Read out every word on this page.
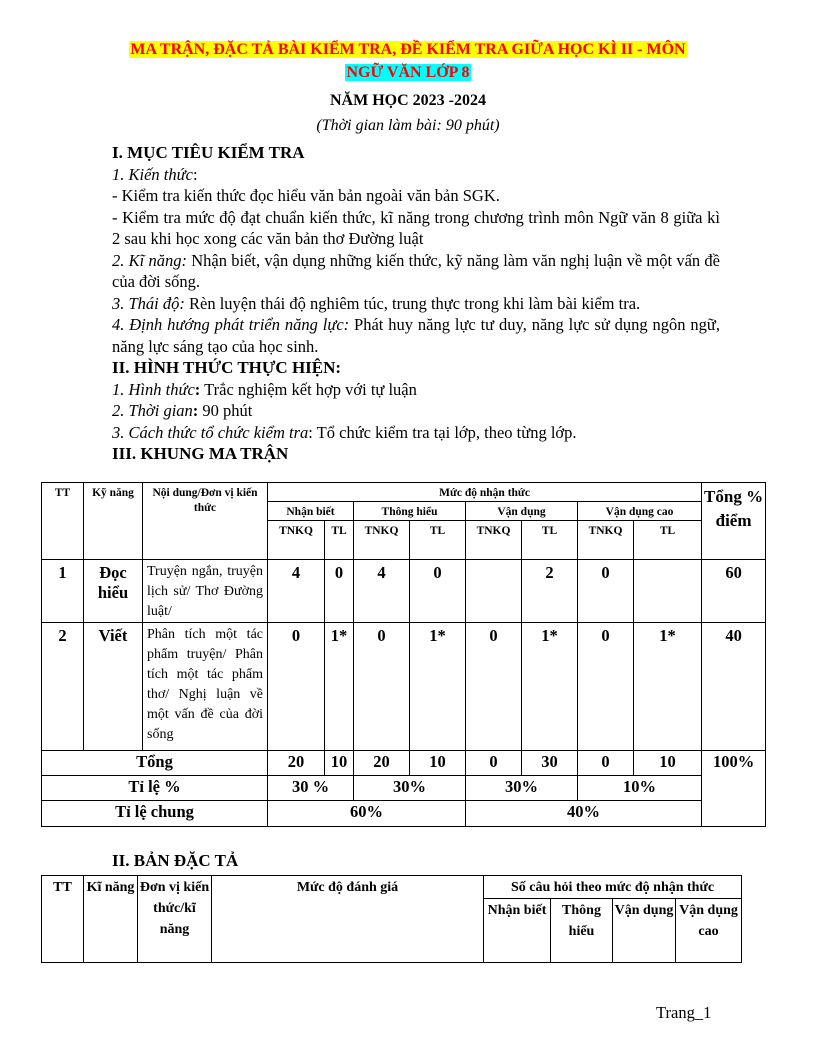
MA TRẬN, ĐẶC TẢ BÀI KIỂM TRA, ĐỀ KIỂM TRA GIỮA HỌC KÌ II - MÔN
NGỮ VĂN LỚP 8
NĂM HỌC 2023 -2024
(Thời gian làm bài: 90 phút)

I. MỤC TIÊU KIỂM TRA

1. Kiến thức:

- Kiểm tra kiến thức đọc hiểu văn bản ngoài văn bản SGK.

- Kiểm tra mức độ đạt chuẩn kiến thức, kĩ năng trong chương trình môn Ngữ văn 8 giữa kì 2 sau khi học xong các văn bản thơ Đường luật

2. Kĩ năng: Nhận biết, vận dụng những kiến thức, kỹ năng làm văn nghị luận về một vấn đề của đời sống.

3. Thái độ: Rèn luyện thái độ nghiêm túc, trung thực trong khi làm bài kiểm tra.

4. Định hướng phát triển năng lực: Phát huy năng lực tư duy, năng lực sử dụng ngôn ngữ, năng lực sáng tạo của học sinh.

II. HÌNH THỨC THỰC HIỆN:

1. Hình thức: Trắc nghiệm kết hợp với tự luận

2. Thời gian: 90 phút

3. Cách thức tổ chức kiểm tra: Tổ chức kiểm tra tại lớp, theo từng lớp.

III. KHUNG MA TRẬN

TT	Kỹ năng	Nội dung/Đơn vị kiến thức	Mức độ nhận thức								Tổng % điểm
			Nhận biết		Thông hiểu		Vận dụng		Vận dụng cao		
			TNKQ	TL	TNKQ	TL	TNKQ	TL	TNKQ	TL	
1	Đọc hiểu	Truyện ngắn, truyện lịch sử/ Thơ Đường luật/	4	0	4	0		2	0		60
2	Viết	Phân tích một tác phẩm truyện/ Phân tích một tác phẩm thơ/ Nghị luận về một vấn đề của đời sống	0	1*	0	1*	0	1*	0	1*	40
Tổng			20	10	20	10	0	30	0	10	100%
Tỉ lệ %			30 %		30%		30%		10%		
Tỉ lệ chung			60%				40%				
II. BẢN ĐẶC TẢ
TT	Kĩ năng	Đơn vị kiến thức/kĩ năng	Mức độ đánh giá	Số câu hỏi theo mức độ nhận thức			
				Nhận biết	Thông hiểu	Vận dụng	Vận dụng cao
Trang_1
